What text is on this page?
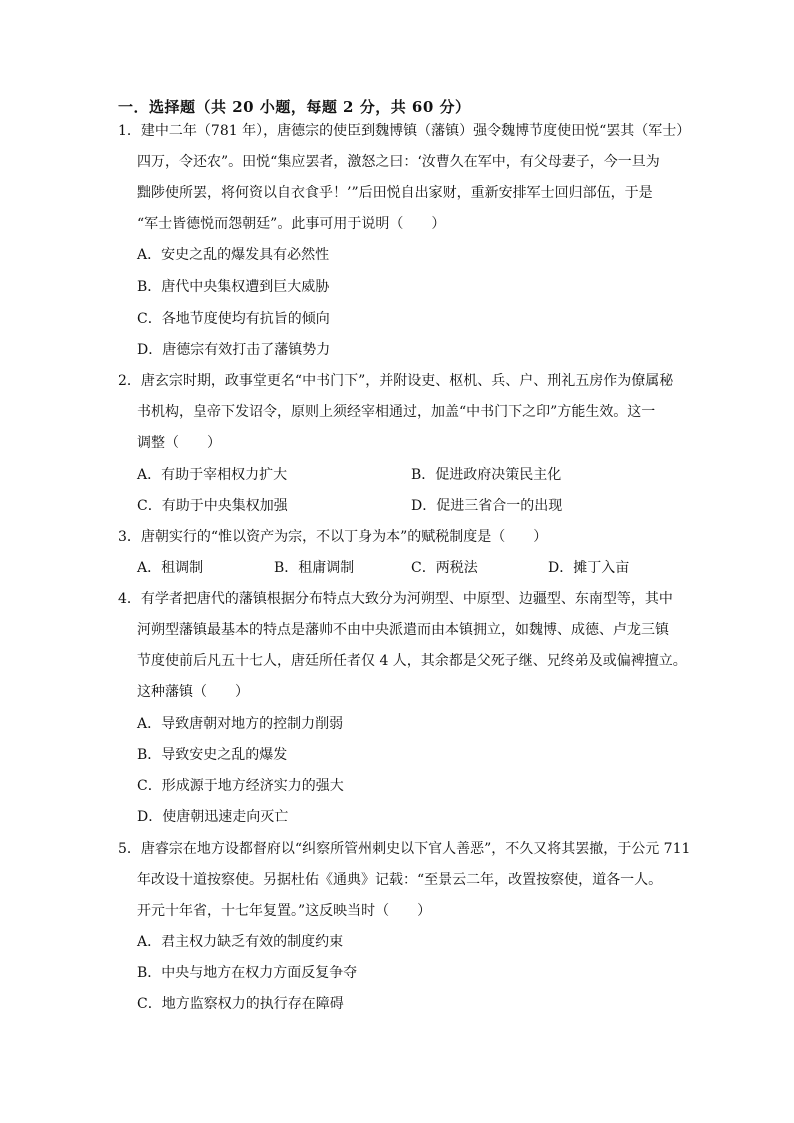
一．选择题（共 20 小题，每题 2 分，共 60 分）
1．建中二年（781 年），唐德宗的使臣到魏博镇（藩镇）强令魏博节度使田悦“罢其（军士）
四万，令还农”。田悦“集应罢者，激怒之曰：‘汝曹久在军中，有父母妻子，今一旦为
黜陟使所罢，将何资以自衣食乎！’”后田悦自出家财，重新安排军士回归部伍，于是
“军士皆德悦而怨朝廷”。此事可用于说明（　　）
A．安史之乱的爆发具有必然性
B．唐代中央集权遭到巨大威胁
C．各地节度使均有抗旨的倾向
D．唐德宗有效打击了藩镇势力
2．唐玄宗时期，政事堂更名“中书门下”，并附设吏、枢机、兵、户、刑礼五房作为僚属秘
书机构，皇帝下发诏令，原则上须经宰相通过，加盖“中书门下之印”方能生效。这一
调整（　　）
A．有助于宰相权力扩大	B．促进政府决策民主化
C．有助于中央集权加强	D．促进三省合一的出现
3．唐朝实行的“惟以资产为宗，不以丁身为本”的赋税制度是（　　）
A．租调制	B．租庸调制	C．两税法	D．摊丁入亩
4．有学者把唐代的藩镇根据分布特点大致分为河朔型、中原型、边疆型、东南型等，其中
河朔型藩镇最基本的特点是藩帅不由中央派遣而由本镇拥立，如魏博、成德、卢龙三镇
节度使前后凡五十七人，唐廷所任者仅 4 人，其余都是父死子继、兄终弟及或偏裨擅立。
这种藩镇（　　）
A．导致唐朝对地方的控制力削弱
B．导致安史之乱的爆发
C．形成源于地方经济实力的强大
D．使唐朝迅速走向灭亡
5．唐睿宗在地方设都督府以“纠察所管州刺史以下官人善恶”，不久又将其罢撤，于公元 711
年改设十道按察使。另据杜佑《通典》记载：“至景云二年，改置按察使，道各一人。
开元十年省，十七年复置。”这反映当时（　　）
A．君主权力缺乏有效的制度约束
B．中央与地方在权力方面反复争夺
C．地方监察权力的执行存在障碍
